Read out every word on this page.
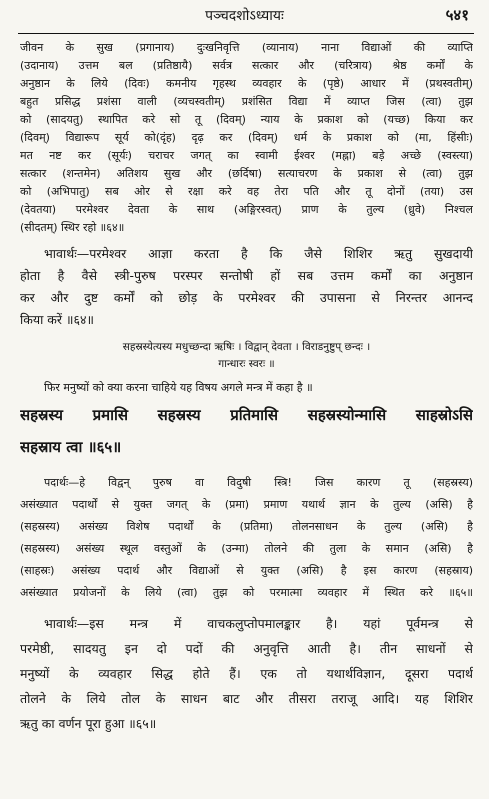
पञ्चदशोऽध्यायः	५४१
जीवन के सुख (प्रगानाय) दुःखनिवृत्ति (व्यानाय) नाना विद्याओं की व्याप्ति
(उदानाय) उत्तम बल (प्रतिष्ठायै) सर्वत्र सत्कार और (चरित्राय) श्रेष्ठ कर्मों के
अनुष्ठान के लिये (दिवः) कमनीय गृहस्थ व्यवहार के (पृष्ठे) आधार में (प्रथस्वतीम्)
बहुत प्रसिद्ध प्रशंसा वाली (व्यचस्वतीम्) प्रशंसित विद्या में व्याप्त जिस (त्वा) तुझ
को (सादयतु) स्थापित करे सो तू (दिवम्) न्याय के प्रकाश को (यच्छ) किया कर
(दिवम्) विद्यारूप सूर्य को(दृंह) दृढ़ कर (दिवम्) धर्म के प्रकाश को (मा, हिंसीः)
मत नष्ट कर (सूर्यः) चराचर जगत् का स्वामी ईश्वर (मह्ना) बड़े अच्छे (स्वस्त्या)
सत्कार (शन्तमेन) अतिशय सुख और (छर्दिषा) सत्याचरण के प्रकाश से (त्वा) तुझ
को (अभिपातु) सब ओर से रक्षा करे वह तेरा पति और तू दोनों (तया) उस
(देवतया) परमेश्वर देवता के साथ (अङ्गिरस्वत्) प्राण के तुल्य (ध्रुवे) निश्चल
(सीदतम्) स्थिर रहो ॥६४॥
भावार्थः—परमेश्वर आज्ञा करता है कि जैसे शिशिर ऋतु सुखदायी
होता है वैसे स्त्री-पुरुष परस्पर सन्तोषी हों सब उत्तम कर्मों का अनुष्ठान
कर और दुष्ट कर्मों को छोड़ के परमेश्वर की उपासना से निरन्तर आनन्द
किया करें ॥६४॥
सहस्रस्येत्यस्य मधुच्छन्दा ऋषिः । विद्वान् देवता । विराडनुष्टुप् छन्दः ।
गान्धारः स्वरः ॥
फिर मनुष्यों को क्या करना चाहिये यह विषय अगले मन्त्र में कहा है ॥
सहस्रस्य प्रमासि सहस्रस्य प्रतिमासि सहस्रस्योन्मासि साहस्रोऽसि
सहस्राय त्वा ॥६५॥
पदार्थः—हे विद्वन् पुरुष वा विदुषी स्त्रि! जिस कारण तू (सहस्रस्य)
असंख्यात पदार्थों से युक्त जगत् के (प्रमा) प्रमाण यथार्थ ज्ञान के तुल्य (असि) है
(सहस्रस्य) असंख्य विशेष पदार्थों के (प्रतिमा) तोलनसाधन के तुल्य (असि) है
(सहस्रस्य) असंख्य स्थूल वस्तुओं के (उन्मा) तोलने की तुला के समान (असि) है
(साहस्रः) असंख्य पदार्थ और विद्याओं से युक्त (असि) है इस कारण (सहस्राय)
असंख्यात प्रयोजनों के लिये (त्वा) तुझ को परमात्मा व्यवहार में स्थित करे ॥६५॥
भावार्थः—इस मन्त्र में वाचकलुप्तोपमालङ्कार है। यहां पूर्वमन्त्र से
परमेष्ठी, सादयतु इन दो पदों की अनुवृत्ति आती है। तीन साधनों से
मनुष्यों के व्यवहार सिद्ध होते हैं। एक तो यथार्थविज्ञान, दूसरा पदार्थ
तोलने के लिये तोल के साधन बाट और तीसरा तराजू आदि। यह शिशिर
ऋतु का वर्णन पूरा हुआ ॥६५॥
